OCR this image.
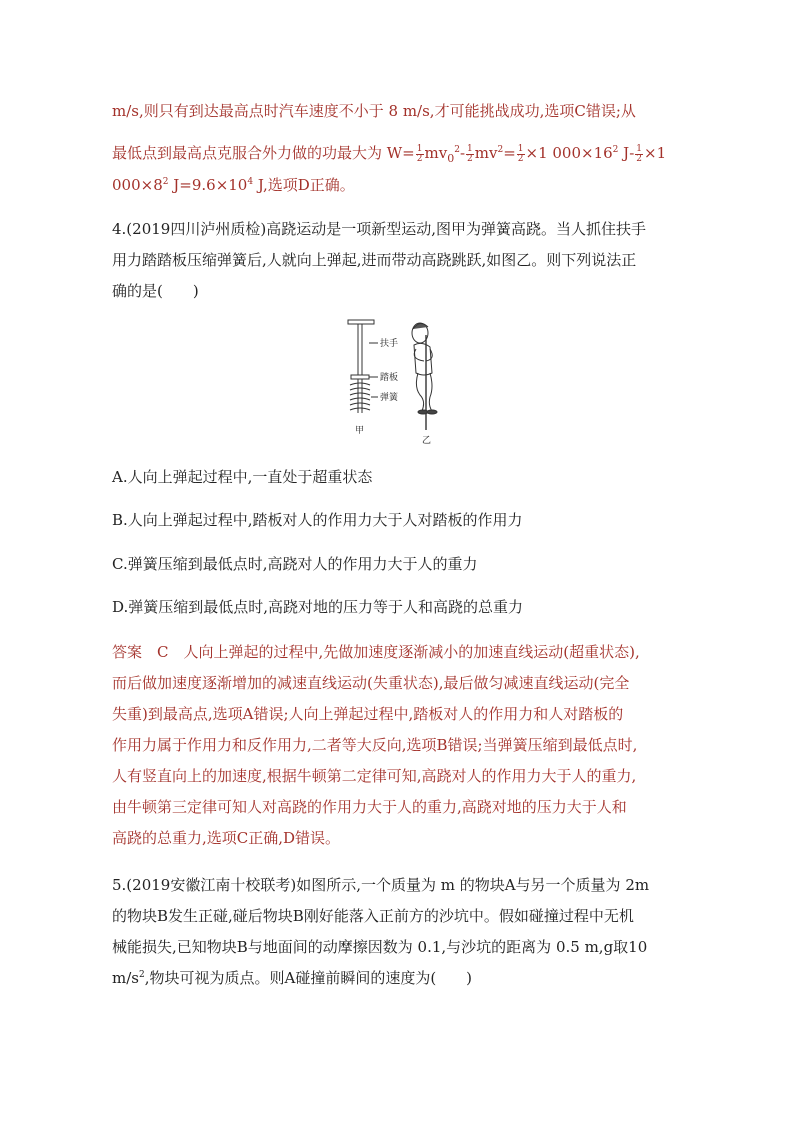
m/s,则只有到达最高点时汽车速度不小于 8 m/s,才可能挑战成功,选项C错误;从
最低点到最高点克服合外力做的功最大为 $W= \frac{1}{2} mv_0^2- \frac{1}{2} mv^2= \frac{1}{2} \times 1$ $000\times 16^2$ $J- \frac{1}{2} \times 1$
$000\times 8^2$ $J=9.6\times 10^4$ J,选项D正确。
4.(2019四川泸州质检)高跷运动是一项新型运动,图甲为弹簧高跷。当人抓住扶手
用力踏踏板压缩弹簧后,人就向上弹起,进而带动高跷跳跃,如图乙。则下列说法正
确的是(　　)
扶手
踏板
弹簧
甲
乙
A.人向上弹起过程中,一直处于超重状态
B.人向上弹起过程中,踏板对人的作用力大于人对踏板的作用力
C.弹簧压缩到最低点时,高跷对人的作用力大于人的重力
D.弹簧压缩到最低点时,高跷对地的压力等于人和高跷的总重力
答案　C　人向上弹起的过程中,先做加速度逐渐减小的加速直线运动(超重状态),
而后做加速度逐渐增加的减速直线运动(失重状态),最后做匀减速直线运动(完全
失重)到最高点,选项A错误;人向上弹起过程中,踏板对人的作用力和人对踏板的
作用力属于作用力和反作用力,二者等大反向,选项B错误;当弹簧压缩到最低点时,
人有竖直向上的加速度,根据牛顿第二定律可知,高跷对人的作用力大于人的重力,
由牛顿第三定律可知人对高跷的作用力大于人的重力,高跷对地的压力大于人和
高跷的总重力,选项C正确,D错误。
5.(2019安徽江南十校联考)如图所示,一个质量为 m 的物块A与另一个质量为 2m
的物块B发生正碰,碰后物块B刚好能落入正前方的沙坑中。假如碰撞过程中无机
械能损失,已知物块B与地面间的动摩擦因数为 0.1,与沙坑的距离为 0.5 m,g取10
$m/s^2$,物块可视为质点。则A碰撞前瞬间的速度为(　　)
